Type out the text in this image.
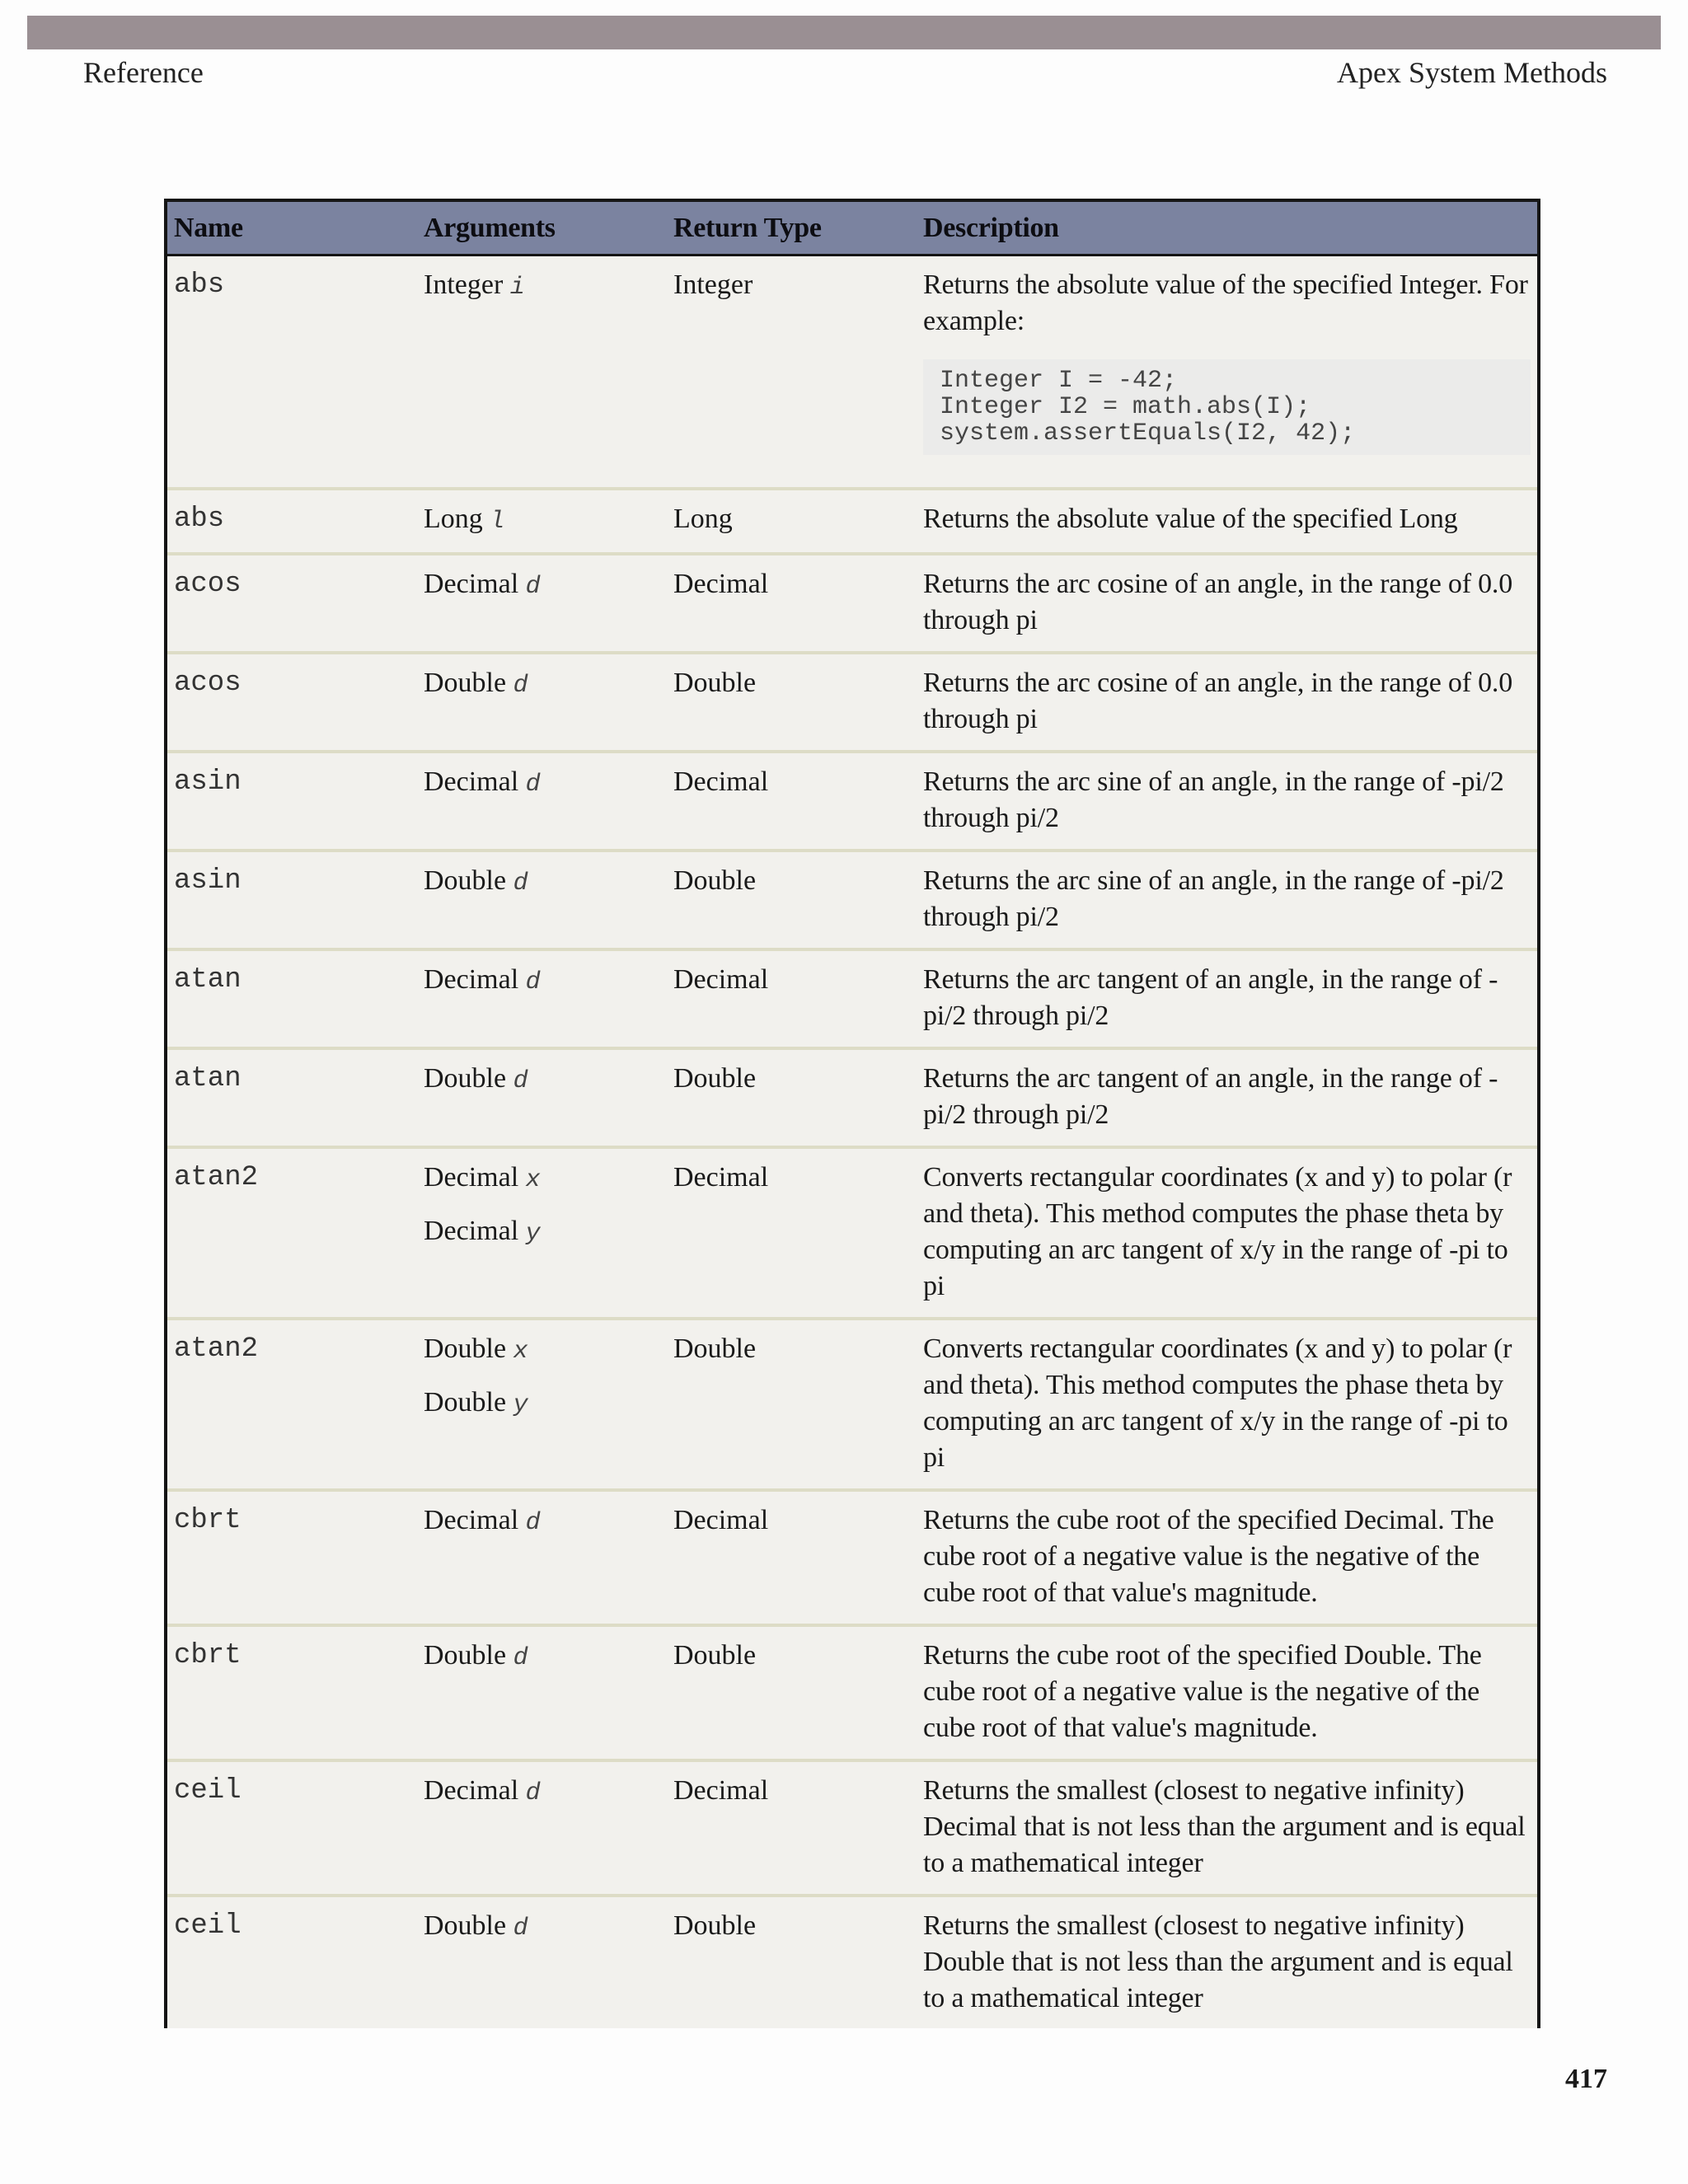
Reference	Apex System Methods
Name	Arguments	Return Type	Description
abs	Integer i	Integer	Returns the absolute value of the specified Integer. For example:
Integer I = -42;
Integer I2 = math.abs(I);
system.assertEquals(I2, 42);

abs	Long l	Long	Returns the absolute value of the specified Long

acos	Decimal d	Decimal	Returns the arc cosine of an angle, in the range of 0.0 through pi

acos	Double d	Double	Returns the arc cosine of an angle, in the range of 0.0 through pi

asin	Decimal d	Decimal	Returns the arc sine of an angle, in the range of -pi/2 through pi/2

asin	Double d	Double	Returns the arc sine of an angle, in the range of -pi/2 through pi/2

atan	Decimal d	Decimal	Returns the arc tangent of an angle, in the range of -pi/2 through pi/2

atan	Double d	Double	Returns the arc tangent of an angle, in the range of -pi/2 through pi/2

atan2	Decimal x
Decimal y	Decimal	Converts rectangular coordinates (x and y) to polar (r and theta). This method computes the phase theta by computing an arc tangent of x/y in the range of -pi to pi

atan2	Double x
Double y	Double	Converts rectangular coordinates (x and y) to polar (r and theta). This method computes the phase theta by computing an arc tangent of x/y in the range of -pi to pi

cbrt	Decimal d	Decimal	Returns the cube root of the specified Decimal. The cube root of a negative value is the negative of the cube root of that value's magnitude.

cbrt	Double d	Double	Returns the cube root of the specified Double. The cube root of a negative value is the negative of the cube root of that value's magnitude.

ceil	Decimal d	Decimal	Returns the smallest (closest to negative infinity) Decimal that is not less than the argument and is equal to a mathematical integer

ceil	Double d	Double	Returns the smallest (closest to negative infinity) Double that is not less than the argument and is equal to a mathematical integer
417
